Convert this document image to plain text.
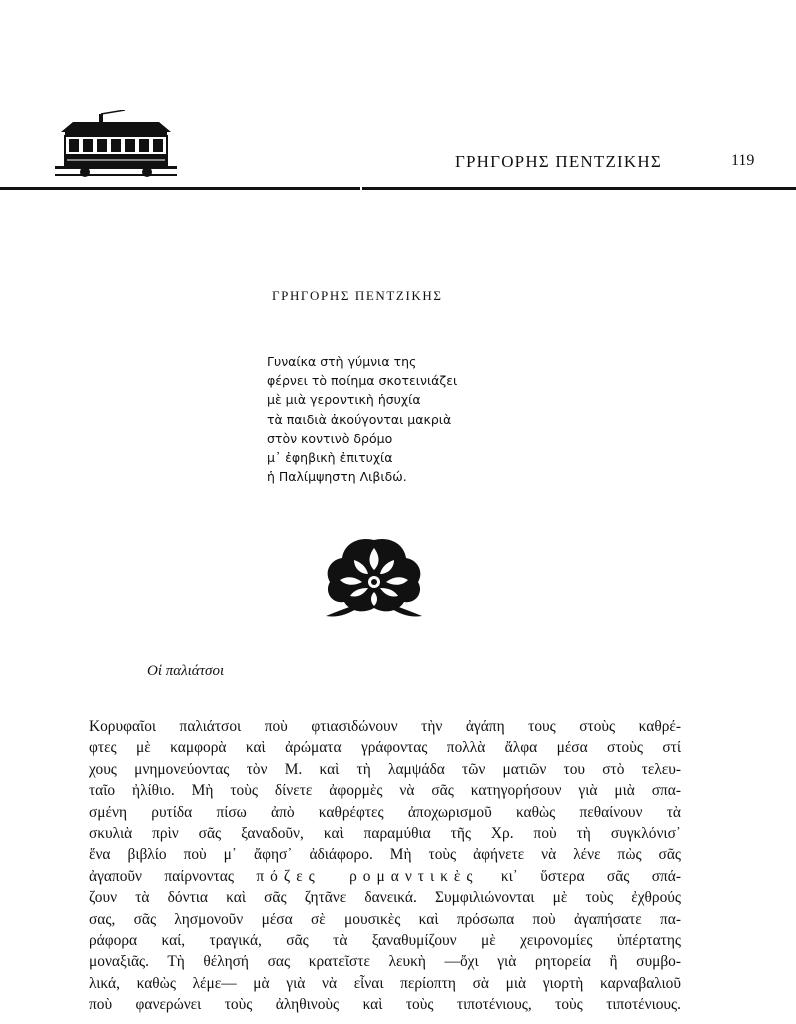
ΓΡΗΓΟΡΗΣ ΠΕΝΤΖΙΚΗΣ	119
ΓΡΗΓΟΡΗΣ ΠΕΝΤΖΙΚΗΣ
Γυναίκα στὴ γύμνια της
φέρνει τὸ ποίημα σκοτεινιάζει
μὲ μιὰ γεροντικὴ ἡσυχία
τὰ παιδιὰ ἀκούγονται μακριὰ
στὸν κοντινὸ δρόμο
μ᾿ ἐφηβικὴ ἐπιτυχία
ἡ Παλίμψηστη Λιβιδώ.
Οἱ παλιάτσοι
Κορυφαῖοι παλιάτσοι ποὺ φτιασιδώνουν τὴν ἀγάπη τους στοὺς καθρέ-
φτες μὲ καμφορὰ καὶ ἀρώματα γράφοντας πολλὰ ἄλφα μέσα στοὺς στί
χους μνημονεύοντας τὸν Μ. καὶ τὴ λαμψάδα τῶν ματιῶν του στὸ τελευ-
ταῖο ἠλίθιο. Μὴ τοὺς δίνετε ἀφορμὲς νὰ σᾶς κατηγορήσουν γιὰ μιὰ σπα-
σμένη ρυτίδα πίσω ἀπὸ καθρέφτες ἀποχωρισμοῦ καθὼς πεθαίνουν τὰ
σκυλιὰ πρὶν σᾶς ξαναδοῦν, καὶ παραμύθια τῆς Χρ. ποὺ τὴ συγκλόνισ᾿
ἕνα βιβλίο ποὺ μ᾿ ἄφησ᾿ ἀδιάφορο. Μὴ τοὺς ἀφήνετε νὰ λένε πὼς σᾶς
ἀγαποῦν παίρνοντας πόζες ρομαντικὲς κι᾿ ὕστερα σᾶς σπά-
ζουν τὰ δόντια καὶ σᾶς ζητᾶνε δανεικά. Συμφιλιώνονται μὲ τοὺς ἐχθρούς
σας, σᾶς λησμονοῦν μέσα σὲ μουσικὲς καὶ πρόσωπα ποὺ ἀγαπήσατε πα-
ράφορα καί, τραγικά, σᾶς τὰ ξαναθυμίζουν μὲ χειρονομίες ὑπέρτατης
μοναξιᾶς. Τὴ θέλησή σας κρατεῖστε λευκὴ —ὄχι γιὰ ρητορεία ἢ συμβο-
λικά, καθὼς λέμε— μὰ γιὰ νὰ εἶναι περίοπτη σὰ μιὰ γιορτὴ καρναβαλιοῦ
ποὺ φανερώνει τοὺς ἀληθινοὺς καὶ τοὺς τιποτένιους, τοὺς τιποτένιους.
